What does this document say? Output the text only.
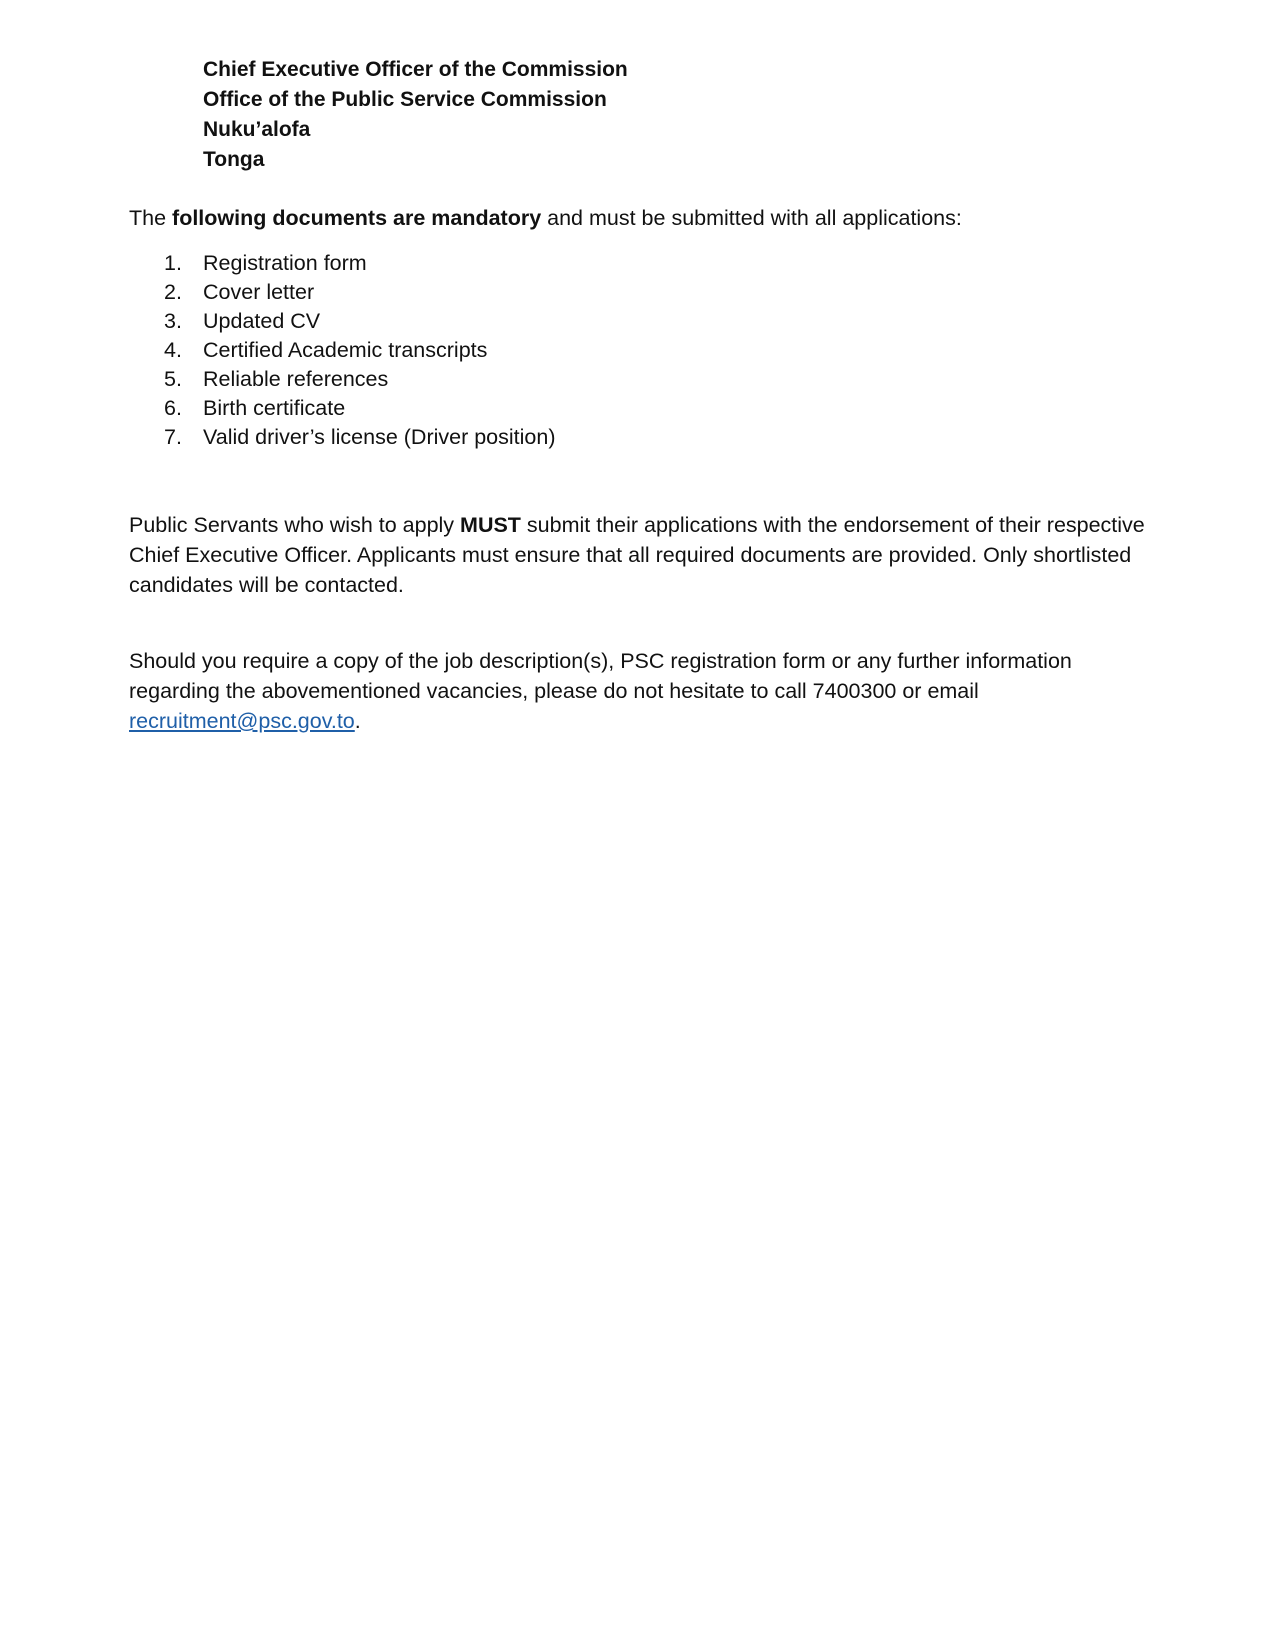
Chief Executive Officer of the Commission
Office of the Public Service Commission
Nuku’alofa
Tonga
The following documents are mandatory and must be submitted with all applications:
1. Registration form
2. Cover letter
3. Updated CV
4. Certified Academic transcripts
5. Reliable references
6. Birth certificate
7. Valid driver’s license (Driver position)
Public Servants who wish to apply MUST submit their applications with the endorsement of their respective Chief Executive Officer. Applicants must ensure that all required documents are provided. Only shortlisted candidates will be contacted.
Should you require a copy of the job description(s), PSC registration form or any further information regarding the abovementioned vacancies, please do not hesitate to call 7400300 or email
recruitment@psc.gov.to.
